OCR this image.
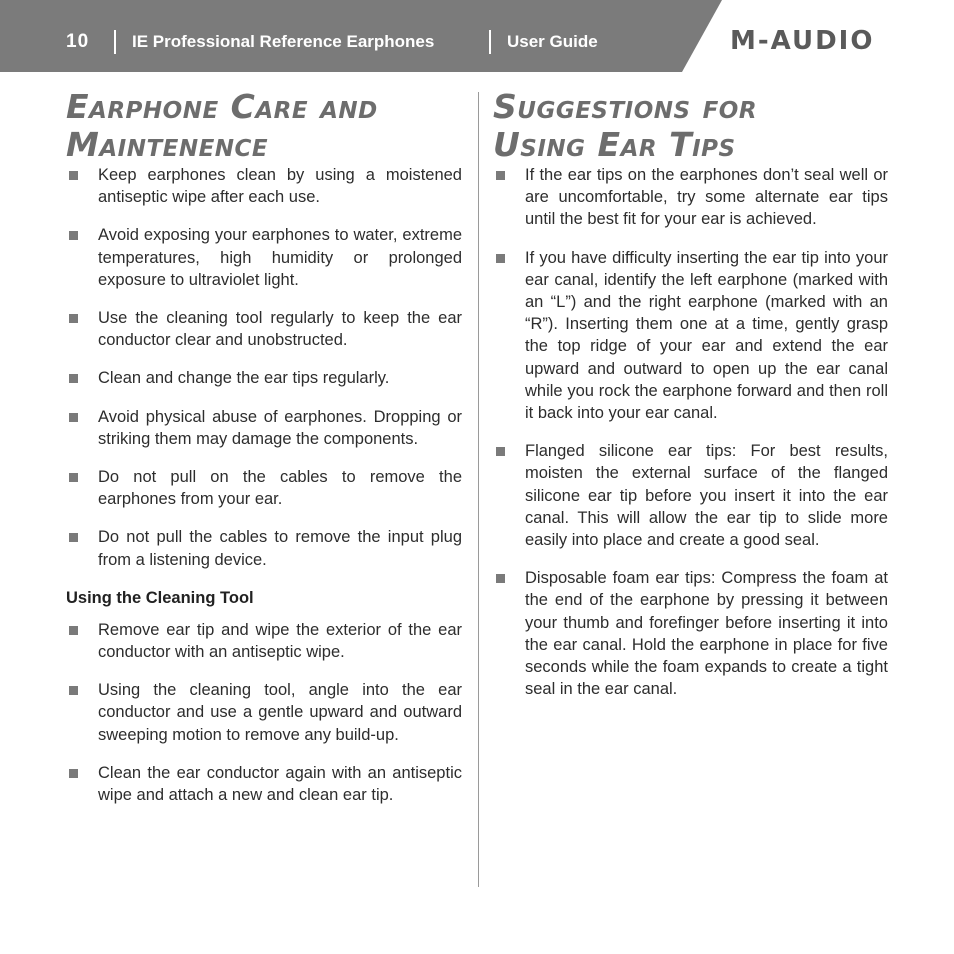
10	IE Professional Reference Earphones	User Guide	M-AUDIO
Earphone Care and
Maintenence
Keep earphones clean by using a moistened antiseptic wipe after each use.
Avoid exposing your earphones to water, extreme temperatures, high humidity or prolonged exposure to ultraviolet light.
Use the cleaning tool regularly to keep the ear conductor clear and unobstructed.
Clean and change the ear tips regularly.
Avoid physical abuse of earphones. Dropping or striking them may damage the components.
Do not pull on the cables to remove the earphones from your ear.
Do not pull the cables to remove the input plug from a listening device.
Using the Cleaning Tool
Remove ear tip and wipe the exterior of the ear conductor with an antiseptic wipe.
Using the cleaning tool, angle into the ear conductor and use a gentle upward and outward sweeping motion to remove any build-up.
Clean the ear conductor again with an antiseptic wipe and attach a new and clean ear tip.
Suggestions for
Using Ear Tips
If the ear tips on the earphones don’t seal well or are uncomfortable, try some alternate ear tips until the best fit for your ear is achieved.
If you have difficulty inserting the ear tip into your ear canal, identify the left earphone (marked with an “L”) and the right earphone (marked with an “R”). Inserting them one at a time, gently grasp the top ridge of your ear and extend the ear upward and outward to open up the ear canal while you rock the earphone forward and then roll it back into your ear canal.
Flanged silicone ear tips: For best results, moisten the external surface of the flanged silicone ear tip before you insert it into the ear canal. This will allow the ear tip to slide more easily into place and create a good seal.
Disposable foam ear tips: Compress the foam at the end of the earphone by pressing it between your thumb and forefinger before inserting it into the ear canal. Hold the earphone in place for five seconds while the foam expands to create a tight seal in the ear canal.
